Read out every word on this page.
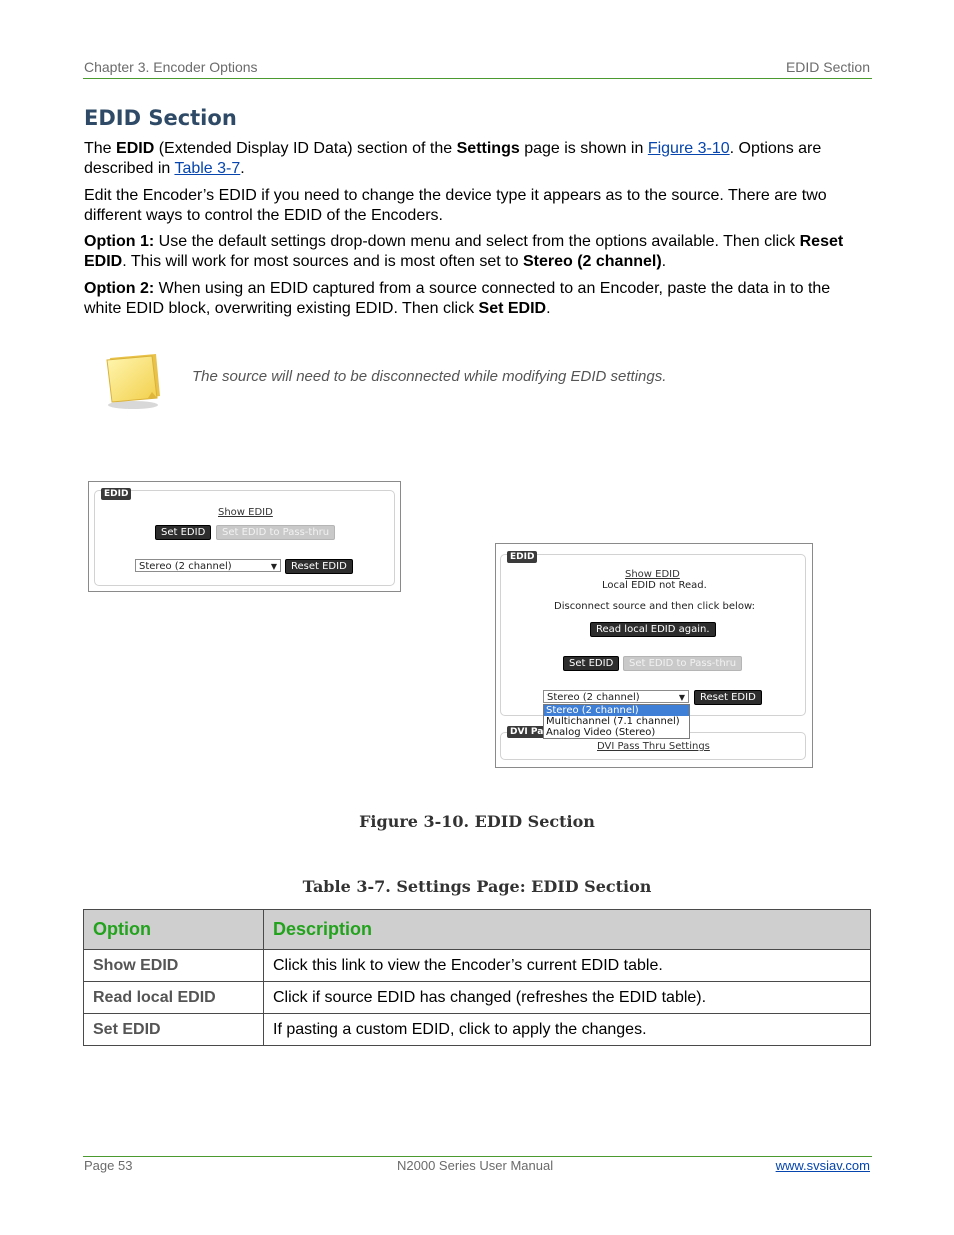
Chapter 3. Encoder Options	EDID Section
EDID Section
The EDID (Extended Display ID Data) section of the Settings page is shown in Figure 3-10. Options are described in Table 3-7.
Edit the Encoder’s EDID if you need to change the device type it appears as to the source. There are two different ways to control the EDID of the Encoders.
Option 1: Use the default settings drop-down menu and select from the options available. Then click Reset EDID. This will work for most sources and is most often set to Stereo (2 channel).
Option 2: When using an EDID captured from a source connected to an Encoder, paste the data in to the white EDID block, overwriting existing EDID. Then click Set EDID.
The source will need to be disconnected while modifying EDID settings.
EDID
Show EDID
Set EDID	Set EDID to Pass-thru
Stereo (2 channel)	▼	Reset EDID
EDID
Show EDID
Local EDID not Read.
Disconnect source and then click below:
Read local EDID again.
Set EDID	Set EDID to Pass-thru
Stereo (2 channel)	▼	Reset EDID
DVI Pa
DVI Pass Thru Settings
Stereo (2 channel)
Multichannel (7.1 channel)
Analog Video (Stereo)
Figure 3-10. EDID Section
Table 3-7. Settings Page: EDID Section
Option	Description
Show EDID	Click this link to view the Encoder’s current EDID table.
Read local EDID	Click if source EDID has changed (refreshes the EDID table).
Set EDID	If pasting a custom EDID, click to apply the changes.
Page 53	N2000 Series User Manual	www.svsiav.com
